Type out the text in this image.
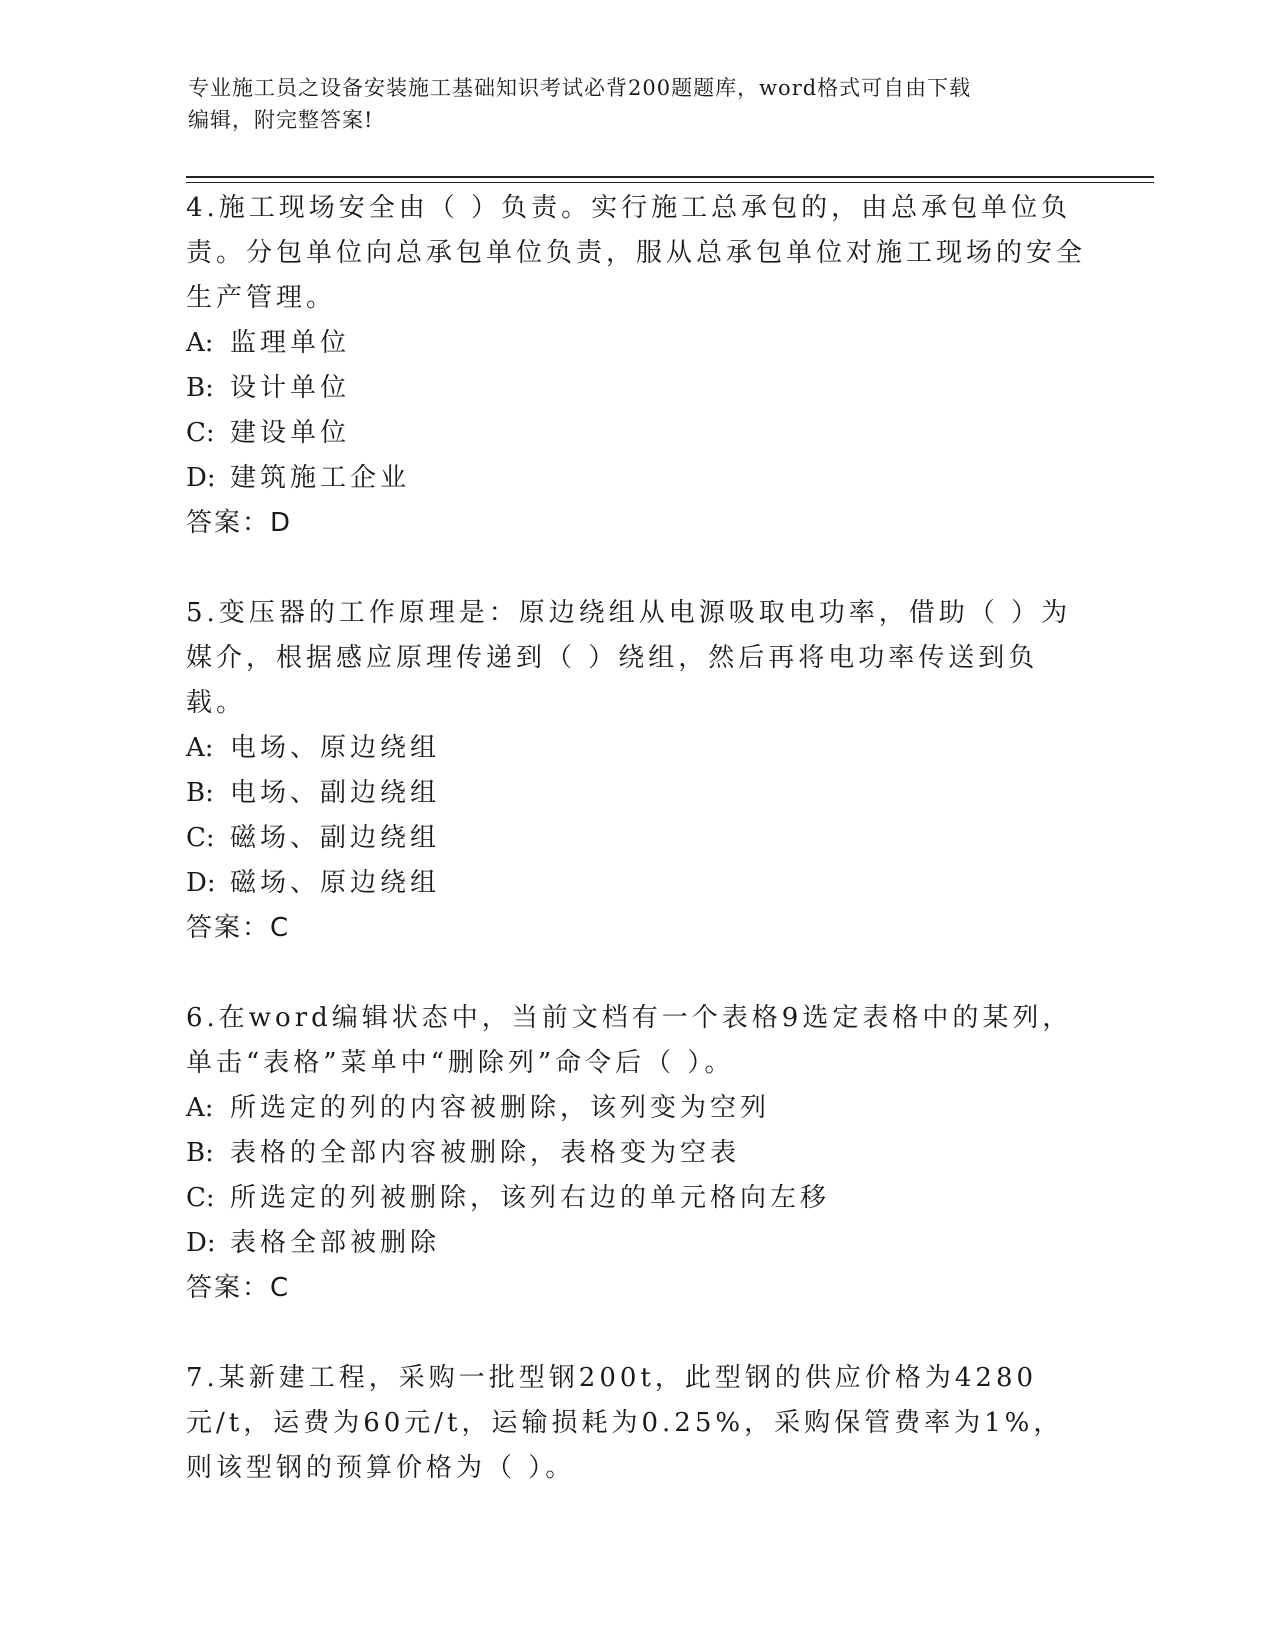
专业施工员之设备安装施工基础知识考试必背200题题库，word格式可自由下载
编辑，附完整答案!

4.施工现场安全由（ ）负责。实行施工总承包的，由总承包单位负责。分包单位向总承包单位负责，服从总承包单位对施工现场的安全生产管理。

A: 监理单位

B: 设计单位

C: 建设单位

D: 建筑施工企业

答案：D

5.变压器的工作原理是：原边绕组从电源吸取电功率，借助（ ）为媒介，根据感应原理传递到（ ）绕组，然后再将电功率传送到负载。

A: 电场、原边绕组

B: 电场、副边绕组

C: 磁场、副边绕组

D: 磁场、原边绕组

答案：C

6.在word编辑状态中，当前文档有一个表格9选定表格中的某列，单击“表格”菜单中“删除列”命令后（ ）。

A: 所选定的列的内容被删除，该列变为空列

B: 表格的全部内容被删除，表格变为空表

C: 所选定的列被删除，该列右边的单元格向左移

D: 表格全部被删除

答案：C

7.某新建工程，采购一批型钢200t，此型钢的供应价格为4280元/t，运费为60元/t，运输损耗为0.25%，采购保管费率为1%，则该型钢的预算价格为（ ）。
